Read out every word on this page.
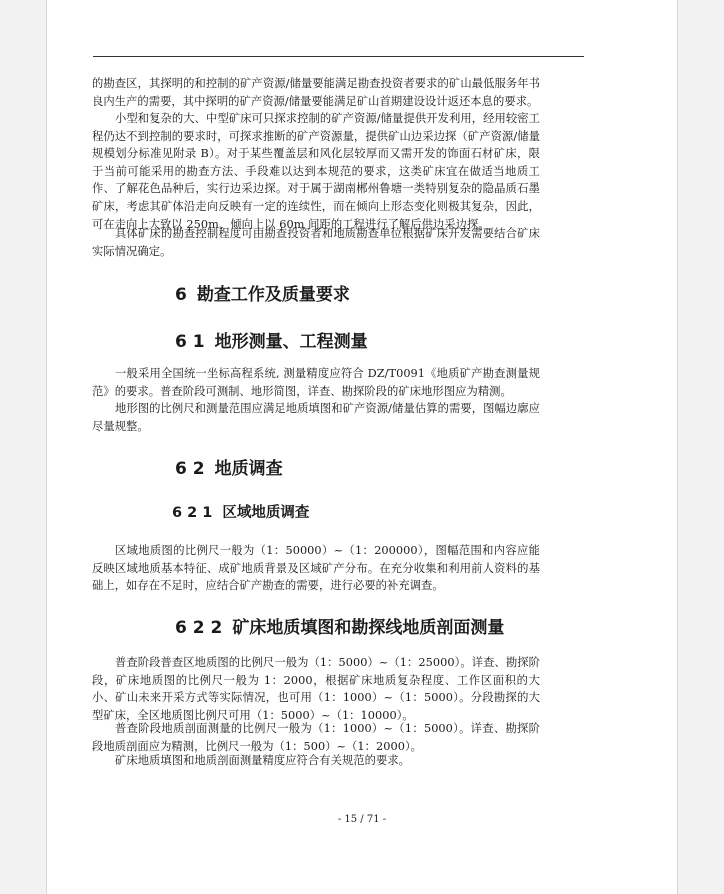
的勘查区，其探明的和控制的矿产资源/储量要能满足勘查投资者要求的矿山最低服务年书良内生产的需要，其中探明的矿产资源/储量要能满足矿山首期建设设计返还本息的要求。

小型和复杂的大、中型矿床可只探求控制的矿产资源/储量提供开发利用，经用较密工程仍达不到控制的要求时，可探求推断的矿产资源量，提供矿山边采边探（矿产资源/储量规模划分标准见附录 B）。对于某些覆盖层和风化层较厚而又需开发的饰面石材矿床，限于当前可能采用的勘查方法、手段难以达到本规范的要求，这类矿床宜在做适当地质工作、了解花色品种后，实行边采边探。对于属于湖南郴州鲁塘一类特别复杂的隐晶质石墨矿床，考虑其矿体沿走向反映有一定的连续性，而在倾向上形态变化则极其复杂，因此，可在走向上大致以 250m、倾向上以 60m 间距的工程进行了解后供边采边探。

具体矿床的勘查控制程度可由勘查投资者和地质勘查单位根据矿床开发需要结合矿床实际情况确定。

6 勘查工作及质量要求
6 1 地形测量、工程测量

一般采用全国统一坐标高程系统, 测量精度应符合 DZ/T0091《地质矿产勘查测量规范》的要求。普查阶段可测制、地形简图，详查、勘探阶段的矿床地形图应为精测。

地形图的比例尺和测量范围应满足地质填图和矿产资源/储量估算的需要，图幅边廓应尽量规整。

6 2 地质调查
6 2 1 区域地质调查

区域地质图的比例尺一般为（1：50000）~（1：200000），图幅范围和内容应能反映区域地质基本特征、成矿地质背景及区域矿产分布。在充分收集和利用前人资料的基础上，如存在不足时，应结合矿产勘查的需要，进行必要的补充调查。

6 2 2 矿床地质填图和勘探线地质剖面测量

普查阶段普查区地质图的比例尺一般为（1：5000）~（1：25000）。详查、勘探阶段，矿床地质图的比例尺一般为 1：2000，根据矿床地质复杂程度、工作区面积的大小、矿山未来开采方式等实际情况，也可用（1：1000）~（1：5000）。分段勘探的大型矿床，全区地质图比例尺可用（1：5000）~（1：10000）。

普查阶段地质剖面测量的比例尺一般为（1：1000）~（1：5000）。详查、勘探阶段地质剖面应为精测，比例尺一般为（1：500）~（1：2000）。

矿床地质填图和地质剖面测量精度应符合有关规范的要求。

- 15 / 71 -
